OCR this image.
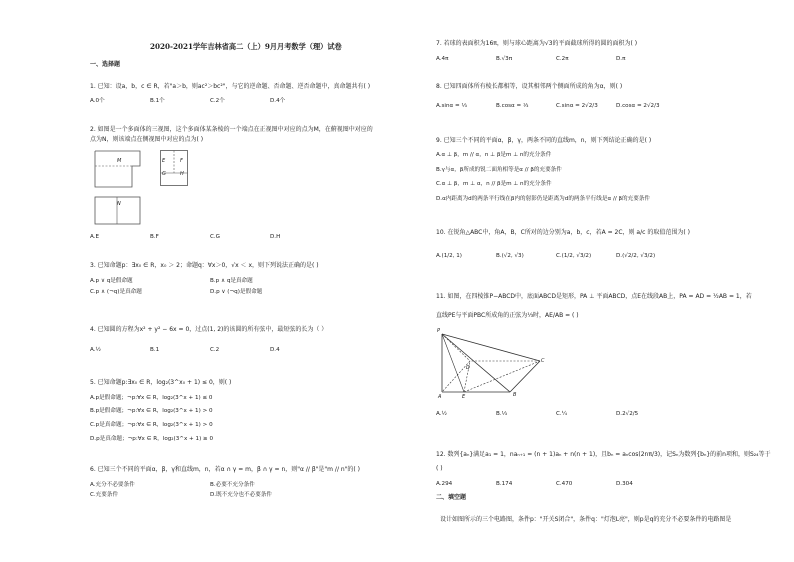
2020-2021学年吉林省高二（上）9月月考数学（理）试卷
一、选择题
1. 已知：设a，b，c ∈ R，若"a＞b，则ac²＞bc²"，与它的逆命题、否命题、逆否命题中，真命题共有( )
A.0个	B.1个	C.2个	D.4个
2. 如图是一个多面体的三视图，这个多面体某条棱的一个端点在正视图中对应的点为M，在俯视图中对应的
点为N，则该端点在侧视图中对应的点为( )
M
N
E	F
G	H
A.E	B.F	C.G	D.H
3. 已知命题p：∃x₀ ∈ R，x₀ ＞ 2；命题q：∀x＞0，√x ＜ x，则下列说法正确的是( )
A.p ∨ q是假命题	B.p ∧ q是真命题
C.p ∧ (¬q)是真命题	D.p ∨ (¬q)是假命题
4. 已知圆的方程为x² + y² − 6x = 0，过点(1, 2)的该圆的所有弦中，最短弦的长为（ ）
A.½	B.1	C.2	D.4
5. 已知命题p:∃x₀ ∈ R，log₂(3^x₀ + 1) ≤ 0，则( )
A.p是假命题；¬p:∀x ∈ R，log₂(3^x + 1) ≤ 0
B.p是假命题；¬p:∀x ∈ R，log₂(3^x + 1) > 0
C.p是真命题；¬p:∀x ∈ R，log₂(3^x + 1) > 0
D.p是真命题；¬p:∀x ∈ R，log₂(3^x + 1) ≥ 0
6. 已知三个不同的平面α，β，γ和直线m，n，若α ∩ γ = m，β ∩ γ = n，则"α // β"是"m // n"的( )
A.充分不必要条件	B.必要不充分条件
C.充要条件	D.既不充分也不必要条件
7. 若球的表面积为16π，则与球心距离为√3的平面截球所得的圆的面积为( )
A.4π	B.√3π	C.2π	D.π
8. 已知四面体所有棱长都相等，设其相邻两个侧面所成的角为α，则( )
A.sinα = ⅓	B.cosα = ⅓	C.sinα = 2√2/3	D.cosα = 2√2/3
9. 已知三个不同的平面α，β，γ，两条不同的直线m，n，则下列结论正确的是( )
A.α ⊥ β，m // α，n ⊥ β是m ⊥ n的充分条件
B.γ与α，β所成的锐二面角相等是α // β的充要条件
C.α ⊥ β，m ⊥ α，n // β是m ⊥ n的充分条件
D.α内距离为d的两条平行线在β内的射影仍是距离为d的两条平行线是α // β的充要条件
10. 在锐角△ABC中，角A，B，C所对的边分别为a，b，c，若A = 2C，则 a/c 的取值范围为( )
A.(1/2, 1)	B.(√2, √3)	C.(1/2, √3/2)	D.(√2/2, √3/2)
11. 如图，在四棱锥P−ABCD中，底面ABCD是矩形，PA ⊥ 平面ABCD，点E在线段AB上，PA = AD = ½AB = 1，若
直线PE与平面PBC所成角的正弦为⅓时，AE/AB = ( )
P
D
C
A	E	B
A.½	B.⅓	C.¼	D.2√2/5
12. 数列{aₙ}满足a₁ = 1，naₙ₊₁ = (n + 1)aₙ + n(n + 1)，且bₙ = aₙcos(2nπ/3)，记Sₙ为数列{bₙ}的前n项和，则S₂₄等于
( )
A.294	B.174	C.470	D.304
二、填空题
设计如图所示的三个电路图，条件p："开关S闭合"，条件q："灯泡L亮"，则p是q的充分不必要条件的电路图是
